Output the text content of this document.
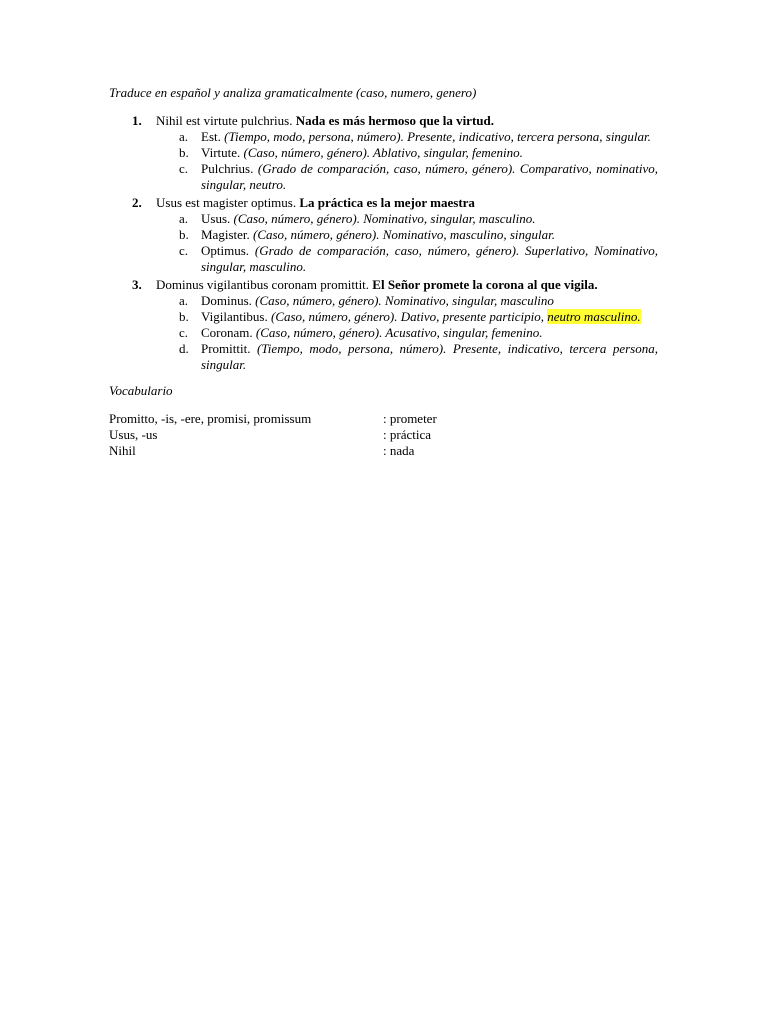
Traduce en español y analiza gramaticalmente (caso, numero, genero)

1. Nihil est virtute pulchrius. Nada es más hermoso que la virtud.
a. Est. (Tiempo, modo, persona, número). Presente, indicativo, tercera persona, singular.
b. Virtute. (Caso, número, género). Ablativo, singular, femenino.
c. Pulchrius. (Grado de comparación, caso, número, género). Comparativo, nominativo, singular, neutro.
2. Usus est magister optimus. La práctica es la mejor maestra
a. Usus. (Caso, número, género). Nominativo, singular, masculino.
b. Magister. (Caso, número, género). Nominativo, masculino, singular.
c. Optimus. (Grado de comparación, caso, número, género). Superlativo, Nominativo, singular, masculino.
3. Dominus vigilantibus coronam promittit. El Señor promete la corona al que vigila.
a. Dominus. (Caso, número, género). Nominativo, singular, masculino
b. Vigilantibus. (Caso, número, género). Dativo, presente participio, neutro masculino.
c. Coronam. (Caso, número, género). Acusativo, singular, femenino.
d. Promittit. (Tiempo, modo, persona, número). Presente, indicativo, tercera persona, singular.

Vocabulario

Promitto, -is, -ere, promisi, promissum	: prometer
Usus, -us	: práctica
Nihil	: nada
